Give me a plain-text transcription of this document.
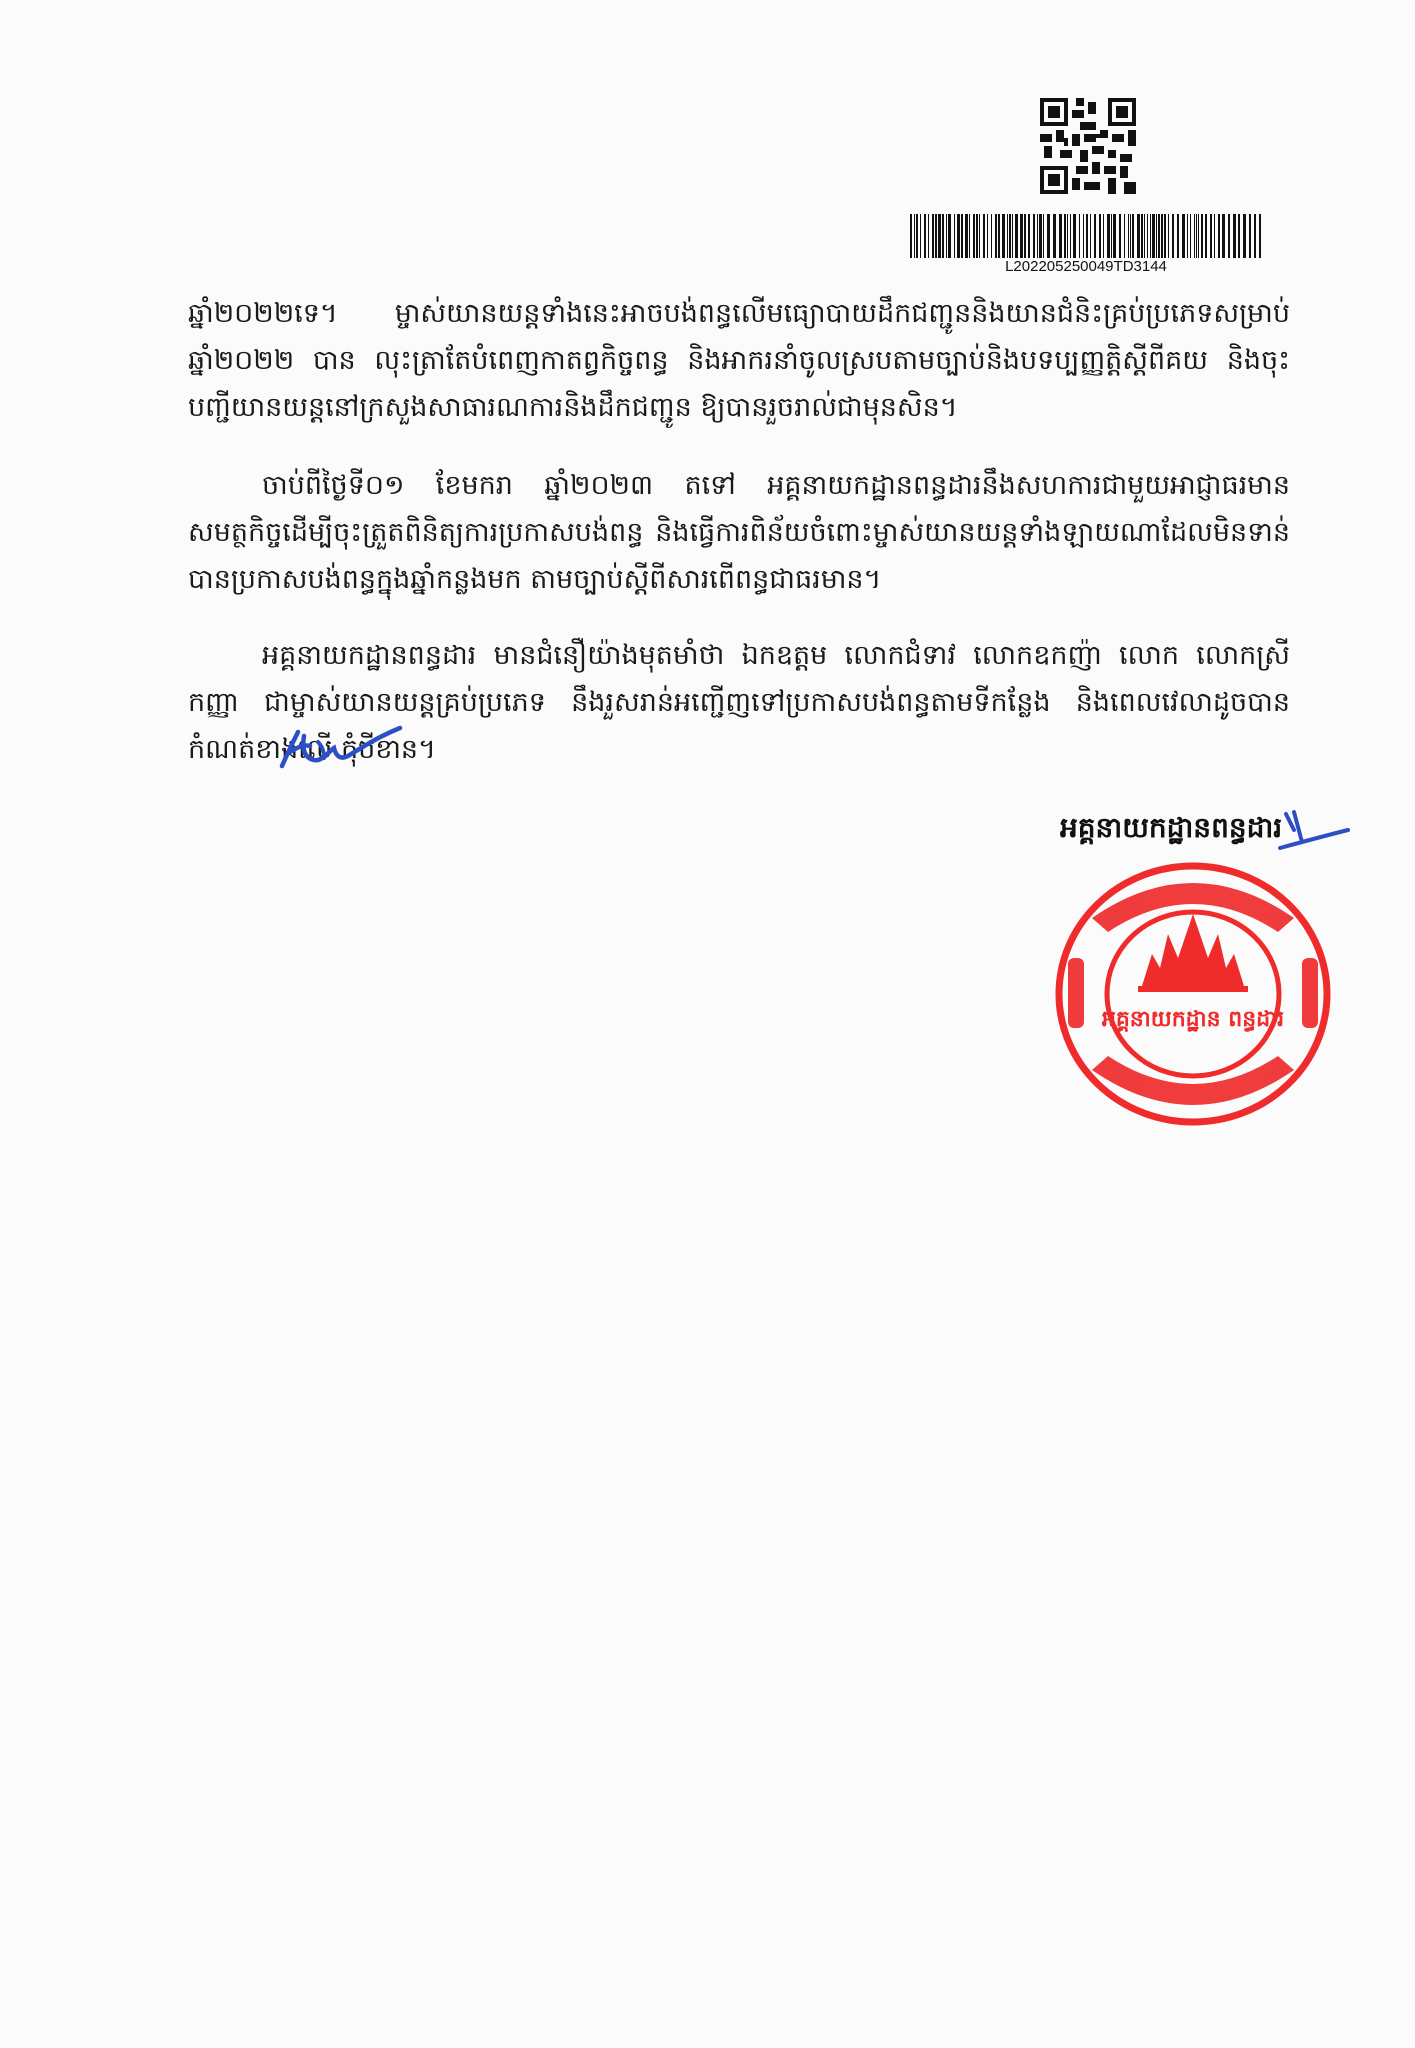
L202205250049TD3144

ឆ្នាំ២០២២ទេ។ ម្ចាស់យានយន្តទាំងនេះអាចបង់ពន្ធលើមធ្យោបាយដឹកជញ្ជូននិងយានជំនិះគ្រប់ប្រភេទសម្រាប់ឆ្នាំ២០២២ បាន លុះត្រាតែបំពេញកាតព្វកិច្ចពន្ធ និងអាករនាំចូលស្របតាមច្បាប់និងបទប្បញ្ញត្តិស្តីពីគយ និងចុះបញ្ជីយានយន្តនៅក្រសួងសាធារណការនិងដឹកជញ្ជូន ឱ្យបានរួចរាល់ជាមុនសិន។

ចាប់ពីថ្ងៃទី០១ ខែមករា ឆ្នាំ២០២៣ តទៅ អគ្គនាយកដ្ឋានពន្ធដារនឹងសហការជាមួយអាជ្ញាធរមានសមត្ថកិច្ចដើម្បីចុះត្រួតពិនិត្យការប្រកាសបង់ពន្ធ និងធ្វើការពិន័យចំពោះម្ចាស់យានយន្តទាំងឡាយណាដែលមិនទាន់បានប្រកាសបង់ពន្ធក្នុងឆ្នាំកន្លងមក តាមច្បាប់ស្តីពីសារពើពន្ធជាធរមាន។

អគ្គនាយកដ្ឋានពន្ធដារ មានជំនឿយ៉ាងមុតមាំថា ឯកឧត្តម លោកជំទាវ លោកឧកញ៉ា លោក លោកស្រី កញ្ញា ជាម្ចាស់យានយន្តគ្រប់ប្រភេទ នឹងរួសរាន់អញ្ជើញទៅប្រកាសបង់ពន្ធតាមទីកន្លែង និងពេលវេលាដូចបានកំណត់ខាងលើ កុំបីខាន។

អគ្គនាយកដ្ឋានពន្ធដារ
អគ្គនាយកដ្ឋាន ពន្ធដារ
